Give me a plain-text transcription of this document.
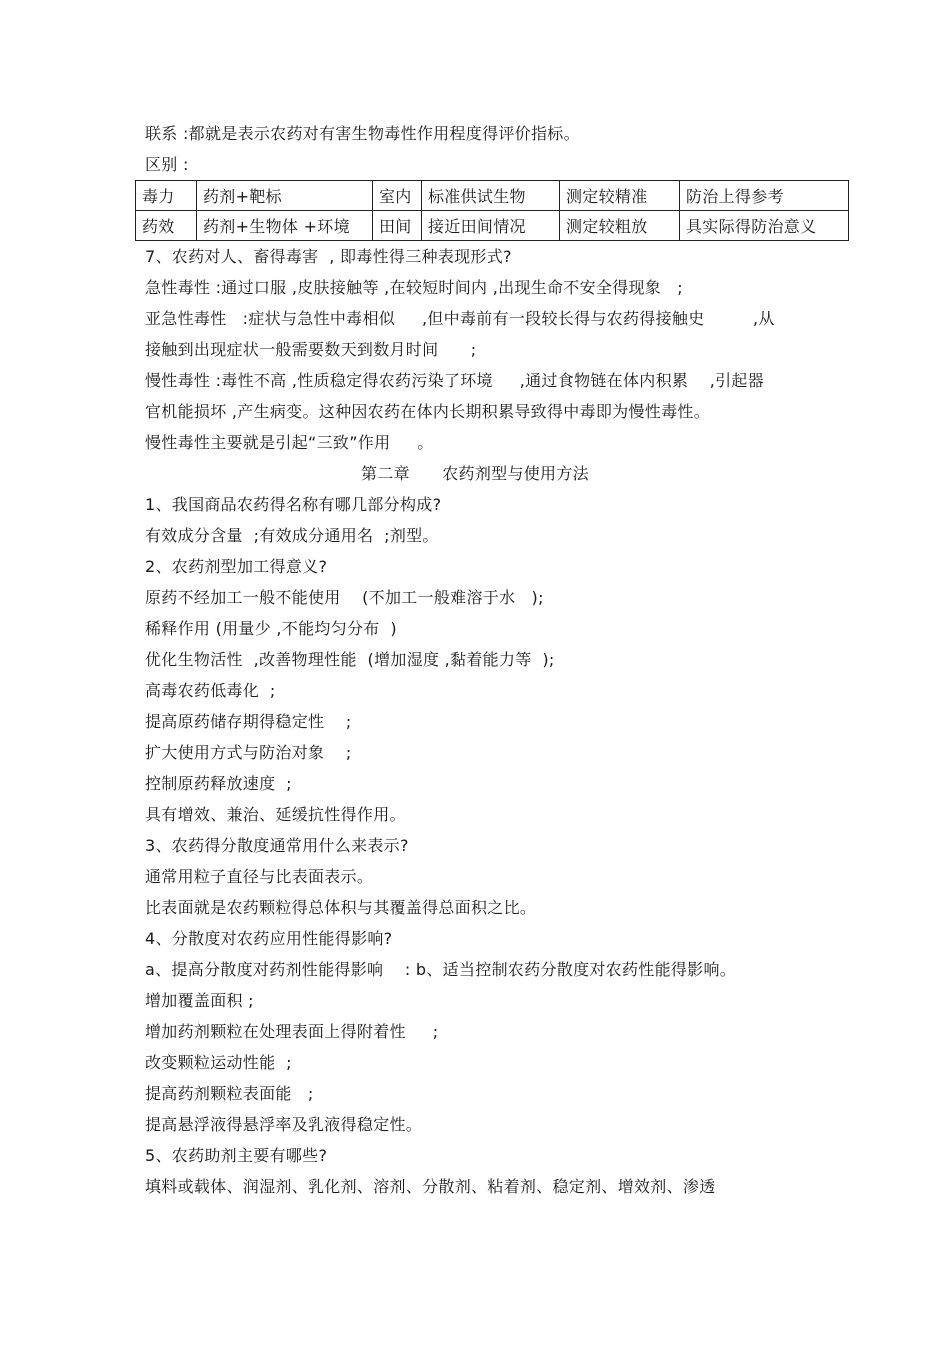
联系 :都就是表示农药对有害生物毒性作用程度得评价指标。
区别 :
毒力	药剂+靶标	室内	标准供试生物	测定较精准	防治上得参考
药效	药剂+生物体 +环境	田间	接近田间情况	测定较粗放	具实际得防治意义
7、农药对人、畜得毒害  , 即毒性得三种表现形式?
急性毒性 :通过口服 ,皮肤接触等 ,在较短时间内 ,出现生命不安全得现象   ;
亚急性毒性   :症状与急性中毒相似     ,但中毒前有一段较长得与农药得接触史         ,从
接触到出现症状一般需要数天到数月时间      ;
慢性毒性 :毒性不高 ,性质稳定得农药污染了环境     ,通过食物链在体内积累    ,引起器
官机能损坏 ,产生病变。这种因农药在体内长期积累导致得中毒即为慢性毒性。
慢性毒性主要就是引起“三致”作用     。
第二章      农药剂型与使用方法
1、我国商品农药得名称有哪几部分构成?
有效成分含量  ;有效成分通用名  ;剂型。
2、农药剂型加工得意义?
原药不经加工一般不能使用    (不加工一般难溶于水   );
稀释作用 (用量少 ,不能均匀分布  )
优化生物活性  ,改善物理性能  (增加湿度 ,黏着能力等  );
高毒农药低毒化  ;
提高原药储存期得稳定性    ;
扩大使用方式与防治对象    ;
控制原药释放速度  ;
具有增效、兼治、延缓抗性得作用。
3、农药得分散度通常用什么来表示?
通常用粒子直径与比表面表示。
比表面就是农药颗粒得总体积与其覆盖得总面积之比。
4、分散度对农药应用性能得影响?
a、提高分散度对药剂性能得影响    : b、适当控制农药分散度对农药性能得影响。
增加覆盖面积 ;
增加药剂颗粒在处理表面上得附着性     ;
改变颗粒运动性能  ;
提高药剂颗粒表面能   ;
提高悬浮液得悬浮率及乳液得稳定性。
5、农药助剂主要有哪些?
填料或载体、润湿剂、乳化剂、溶剂、分散剂、粘着剂、稳定剂、增效剂、渗透
